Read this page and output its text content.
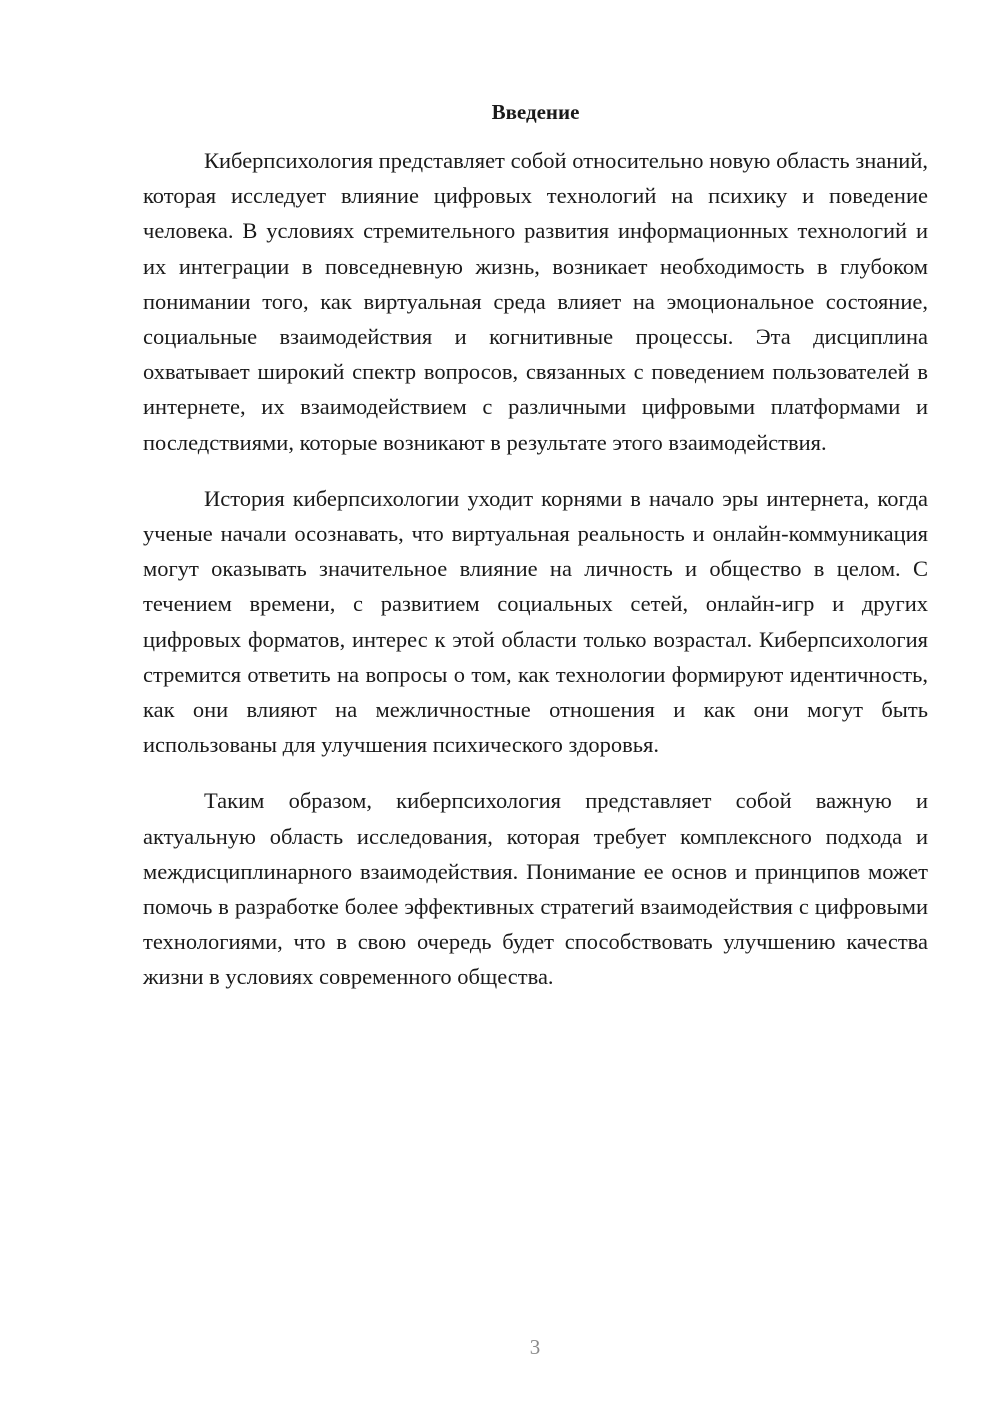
Введение

Киберпсихология представляет собой относительно новую область знаний, которая исследует влияние цифровых технологий на психику и поведение человека. В условиях стремительного развития информационных технологий и их интеграции в повседневную жизнь, возникает необходимость в глубоком понимании того, как виртуальная среда влияет на эмоциональное состояние, социальные взаимодействия и когнитивные процессы. Эта дисциплина охватывает широкий спектр вопросов, связанных с поведением пользователей в интернете, их взаимодействием с различными цифровыми платформами и последствиями, которые возникают в результате этого взаимодействия.

История киберпсихологии уходит корнями в начало эры интернета, когда ученые начали осознавать, что виртуальная реальность и онлайн-коммуникация могут оказывать значительное влияние на личность и общество в целом. С течением времени, с развитием социальных сетей, онлайн-игр и других цифровых форматов, интерес к этой области только возрастал. Киберпсихология стремится ответить на вопросы о том, как технологии формируют идентичность, как они влияют на межличностные отношения и как они могут быть использованы для улучшения психического здоровья.

Таким образом, киберпсихология представляет собой важную и актуальную область исследования, которая требует комплексного подхода и междисциплинарного взаимодействия. Понимание ее основ и принципов может помочь в разработке более эффективных стратегий взаимодействия с цифровыми технологиями, что в свою очередь будет способствовать улучшению качества жизни в условиях современного общества.

3
